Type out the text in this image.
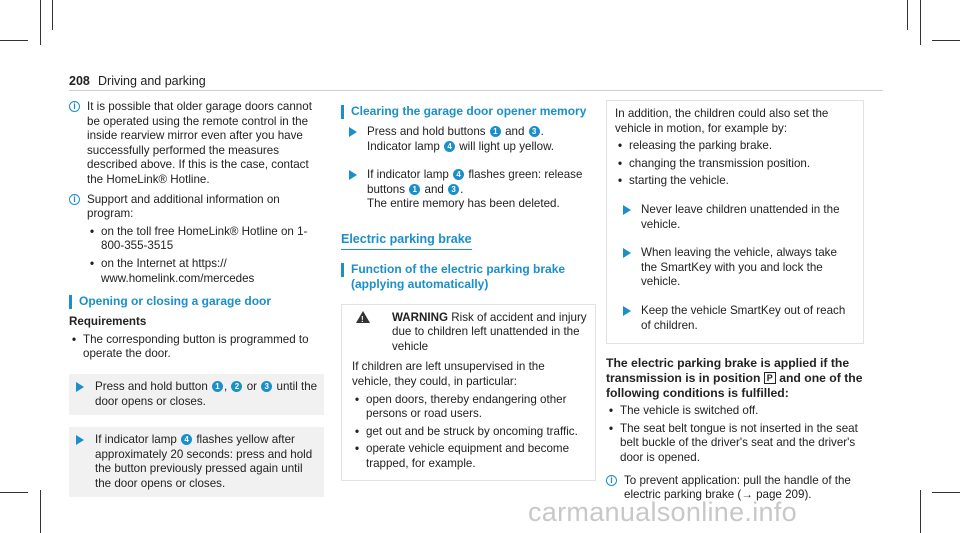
208 Driving and parking
i It is possible that older garage doors cannot be operated using the remote control in the inside rearview mirror even after you have successfully performed the measures described above. If this is the case, contact the HomeLink® Hotline.
i Support and additional information on program:
• on the toll free HomeLink® Hotline on 1-800-355-3515
• on the Internet at https:// www.homelink.com/mercedes
Opening or closing a garage door
Requirements
• The corresponding button is programmed to operate the door.
Press and hold button 1 , 2 or 3 until the door opens or closes.
If indicator lamp 4 flashes yellow after approximately 20 seconds: press and hold the button previously pressed again until the door opens or closes.
Clearing the garage door opener memory
Press and hold buttons 1 and 3 .
Indicator lamp 4 will light up yellow.
If indicator lamp 4 flashes green: release buttons 1 and 3 .
The entire memory has been deleted.
Electric parking brake
Function of the electric parking brake (applying automatically)
! WARNING Risk of accident and injury due to children left unattended in the vehicle
If children are left unsupervised in the vehicle, they could, in particular:
• open doors, thereby endangering other persons or road users.
• get out and be struck by oncoming traffic.
• operate vehicle equipment and become trapped, for example.
In addition, the children could also set the vehicle in motion, for example by:
• releasing the parking brake.
• changing the transmission position.
• starting the vehicle.
Never leave children unattended in the vehicle.
When leaving the vehicle, always take the SmartKey with you and lock the vehicle.
Keep the vehicle SmartKey out of reach of children.
The electric parking brake is applied if the transmission is in position P and one of the following conditions is fulfilled:
• The vehicle is switched off.
• The seat belt tongue is not inserted in the seat belt buckle of the driver's seat and the driver's door is opened.
i To prevent application: pull the handle of the electric parking brake (→ page 209).
carmanualsonline.info
